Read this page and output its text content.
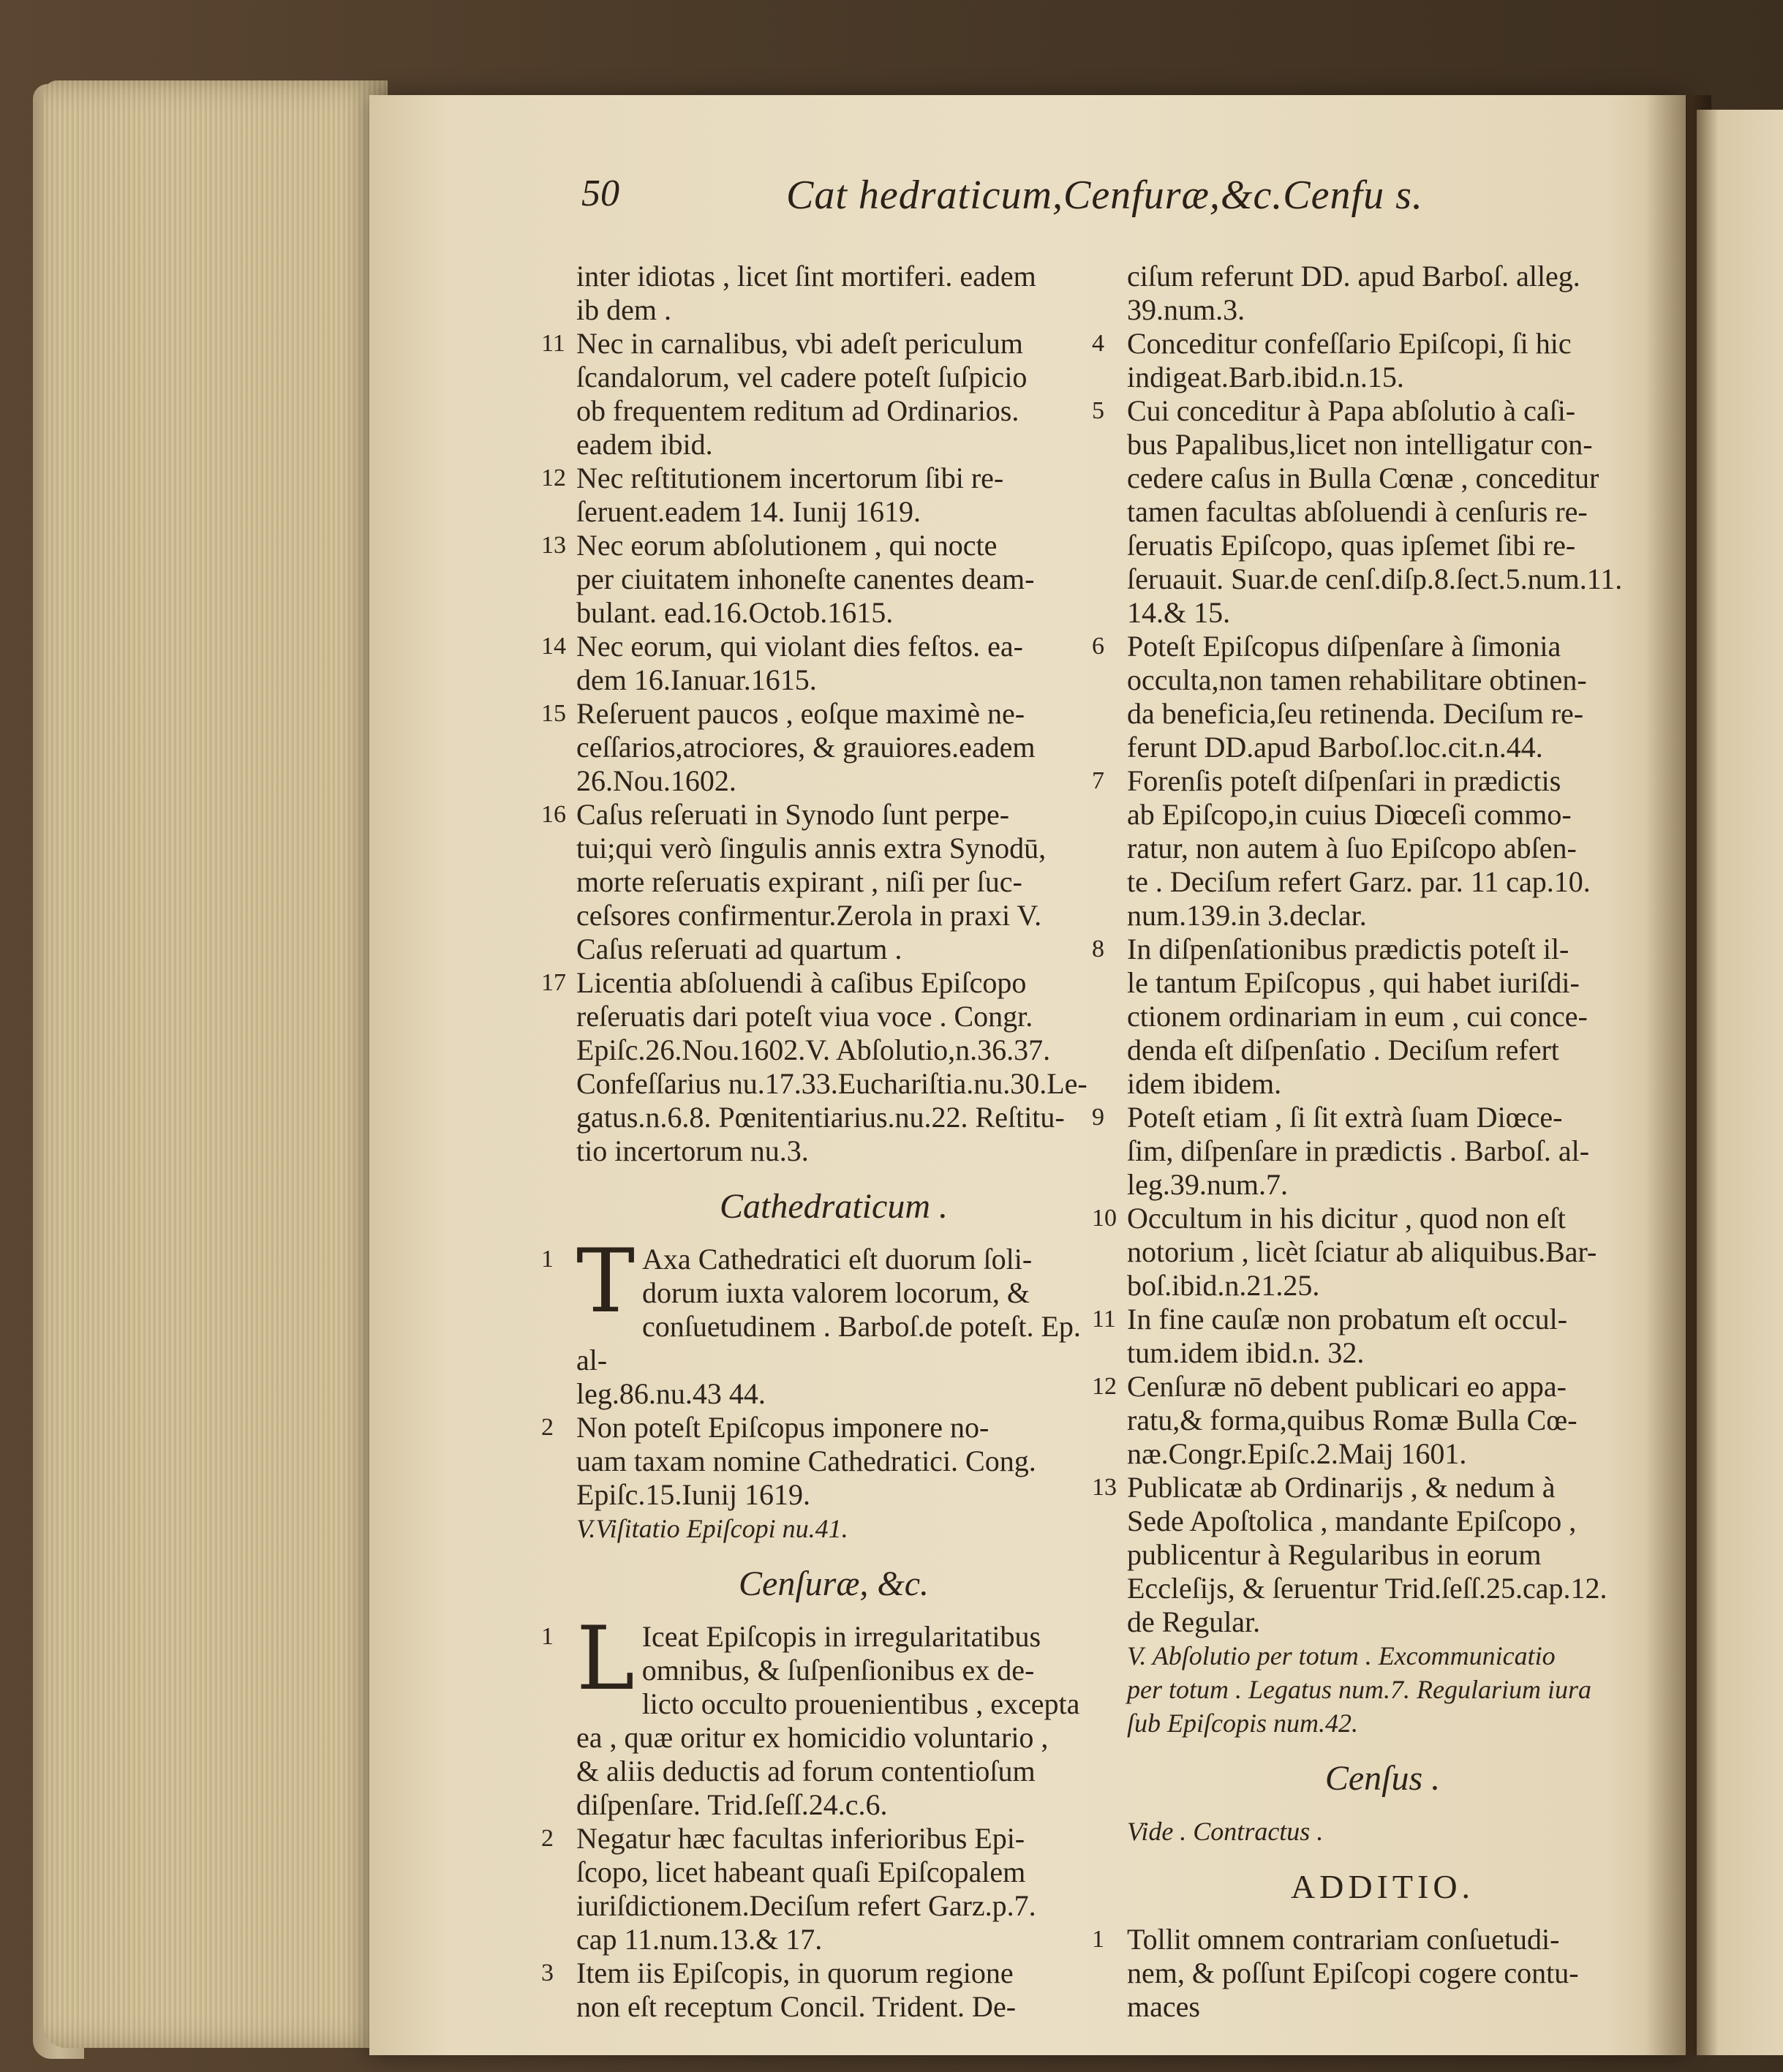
50	Cat hedraticum,Cenfuræ,&c.Cenfu s.

inter idiotas , licet ſint mortiferi. eadem
ib dem .

11 Nec in carnalibus, vbi adeſt periculum
ſcandalorum, vel cadere poteſt ſuſpicio
ob frequentem reditum ad Ordinarios.
eadem ibid.

12 Nec reſtitutionem incertorum ſibi re-
ſeruent.eadem 14. Iunij 1619.

13 Nec eorum abſolutionem , qui nocte
per ciuitatem inhoneſte canentes deam-
bulant. ead.16.Octob.1615.

14 Nec eorum, qui violant dies feſtos. ea-
dem 16.Ianuar.1615.

15 Reſeruent paucos , eoſque maximè ne-
ceſſarios,atrociores, & grauiores.eadem
26.Nou.1602.

16 Caſus reſeruati in Synodo ſunt perpe-
tui;qui verò ſingulis annis extra Synodū,
morte reſeruatis expirant , niſi per ſuc-
ceſsores confirmentur.Zerola in praxi V.
Caſus reſeruati ad quartum .

17 Licentia abſoluendi à caſibus Epiſcopo
reſeruatis dari poteſt viua voce . Congr.
Epiſc.26.Nou.1602.V. Abſolutio,n.36.37.
Confeſſarius nu.17.33.Euchariſtia.nu.30.Le-
gatus.n.6.8. Pœnitentiarius.nu.22. Reſtitu-
tio incertorum nu.3.

Cathedraticum .

1 T Axa Cathedratici eſt duorum ſoli-
dorum iuxta valorem locorum, &
conſuetudinem . Barboſ.de poteſt. Ep. al-
leg.86.nu.43 44.

2 Non poteſt Epiſcopus imponere no-
uam taxam nomine Cathedratici. Cong.
Epiſc.15.Iunij 1619.

V.Viſitatio Epiſcopi nu.41.
Cenſuræ, &c.

1 L Iceat Epiſcopis in irregularitatibus
omnibus, & ſuſpenſionibus ex de-
licto occulto prouenientibus , excepta
ea , quæ oritur ex homicidio voluntario ,
& aliis deductis ad forum contentioſum
diſpenſare. Trid.ſeſſ.24.c.6.

2 Negatur hæc facultas inferioribus Epi-
ſcopo, licet habeant quaſi Epiſcopalem
iuriſdictionem.Deciſum refert Garz.p.7.
cap 11.num.13.& 17.

3 Item iis Epiſcopis, in quorum regione
non eſt receptum Concil. Trident. De-

ciſum referunt DD. apud Barboſ. alleg.
39.num.3.

4 Conceditur confeſſario Epiſcopi, ſi hic
indigeat.Barb.ibid.n.15.

5 Cui conceditur à Papa abſolutio à caſi-
bus Papalibus,licet non intelligatur con-
cedere caſus in Bulla Cœnæ , conceditur
tamen facultas abſoluendi à cenſuris re-
ſeruatis Epiſcopo, quas ipſemet ſibi re-
ſeruauit. Suar.de cenſ.diſp.8.ſect.5.num.11.
14.& 15.

6 Poteſt Epiſcopus diſpenſare à ſimonia
occulta,non tamen rehabilitare obtinen-
da beneficia,ſeu retinenda. Deciſum re-
ferunt DD.apud Barboſ.loc.cit.n.44.

7 Forenſis poteſt diſpenſari in prædictis
ab Epiſcopo,in cuius Diœceſi commo-
ratur, non autem à ſuo Epiſcopo abſen-
te . Deciſum refert Garz. par. 11 cap.10.
num.139.in 3.declar.

8 In diſpenſationibus prædictis poteſt il-
le tantum Epiſcopus , qui habet iuriſdi-
ctionem ordinariam in eum , cui conce-
denda eſt diſpenſatio . Deciſum refert
idem ibidem.

9 Poteſt etiam , ſi ſit extrà ſuam Diœce-
ſim, diſpenſare in prædictis . Barboſ. al-
leg.39.num.7.

10 Occultum in his dicitur , quod non eſt
notorium , licèt ſciatur ab aliquibus.Bar-
boſ.ibid.n.21.25.

11 In fine cauſæ non probatum eſt occul-
tum.idem ibid.n. 32.

12 Cenſuræ nō debent publicari eo appa-
ratu,& forma,quibus Romæ Bulla Cœ-
næ.Congr.Epiſc.2.Maij 1601.

13 Publicatæ ab Ordinarijs , & nedum à
Sede Apoſtolica , mandante Epiſcopo ,
publicentur à Regularibus in eorum
Eccleſijs, & ſeruentur Trid.ſeſſ.25.cap.12.
de Regular.

V. Abſolutio per totum . Excommunicatio
per totum . Legatus num.7. Regularium iura
ſub Epiſcopis num.42.
Cenſus .
Vide . Contractus .
ADDITIO.

1 Tollit omnem contrariam conſuetudi-
nem, & poſſunt Epiſcopi cogere contu-
maces
